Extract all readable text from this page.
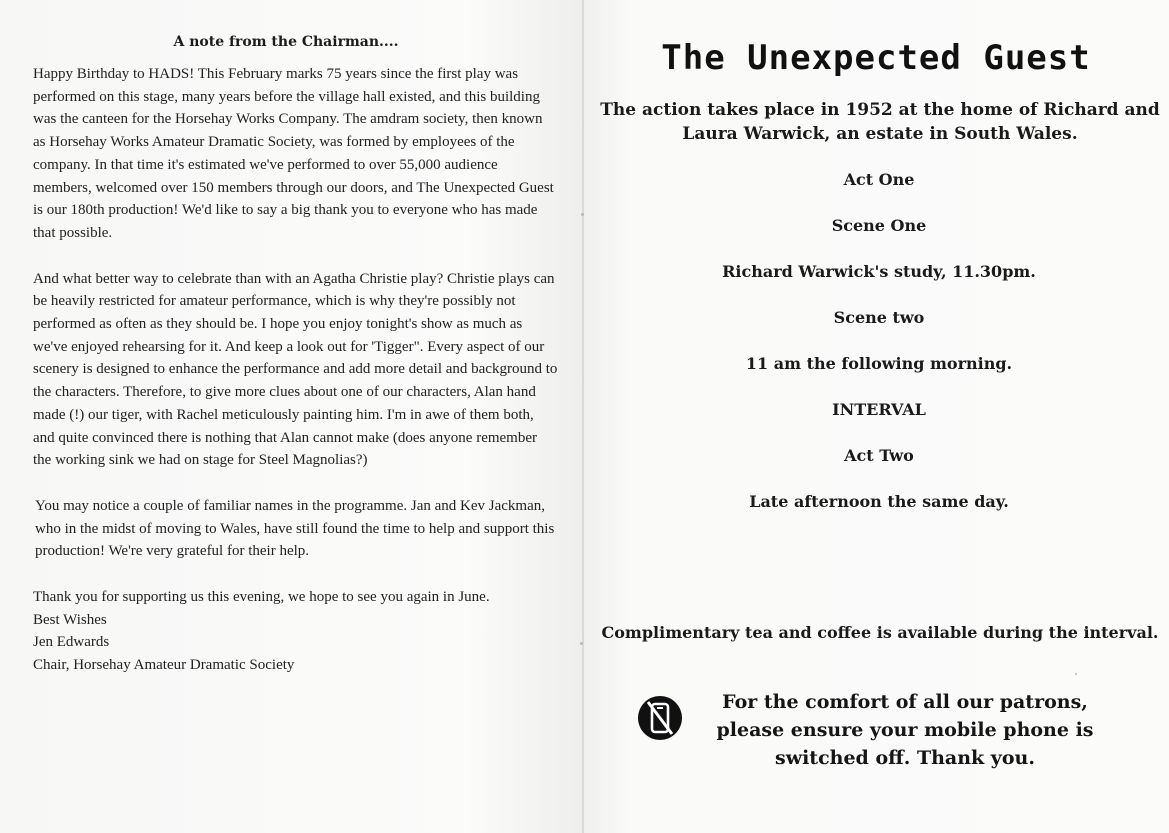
A note from the Chairman....

Happy Birthday to HADS! This February marks 75 years since the first play was performed on this stage, many years before the village hall existed, and this building was the canteen for the Horsehay Works Company. The amdram society, then known as Horsehay Works Amateur Dramatic Society, was formed by employees of the company. In that time it's estimated we've performed to over 55,000 audience members, welcomed over 150 members through our doors, and The Unexpected Guest is our 180th production! We'd like to say a big thank you to everyone who has made that possible.

And what better way to celebrate than with an Agatha Christie play? Christie plays can be heavily restricted for amateur performance, which is why they're possibly not performed as often as they should be. I hope you enjoy tonight's show as much as we've enjoyed rehearsing for it. And keep a look out for 'Tigger". Every aspect of our scenery is designed to enhance the performance and add more detail and background to the characters. Therefore, to give more clues about one of our characters, Alan hand made (!) our tiger, with Rachel meticulously painting him. I'm in awe of them both, and quite convinced there is nothing that Alan cannot make (does anyone remember the working sink we had on stage for Steel Magnolias?)

You may notice a couple of familiar names in the programme. Jan and Kev Jackman, who in the midst of moving to Wales, have still found the time to help and support this production! We're very grateful for their help.

Thank you for supporting us this evening, we hope to see you again in June.
Best Wishes
Jen Edwards
Chair, Horsehay Amateur Dramatic Society
The Unexpected Guest
The action takes place in 1952 at the home of Richard and Laura Warwick, an estate in South Wales.
Act One
Scene One
Richard Warwick's study, 11.30pm.
Scene two
11 am the following morning.
INTERVAL
Act Two
Late afternoon the same day.
Complimentary tea and coffee is available during the interval.
For the comfort of all our patrons, please ensure your mobile phone is switched off. Thank you.
